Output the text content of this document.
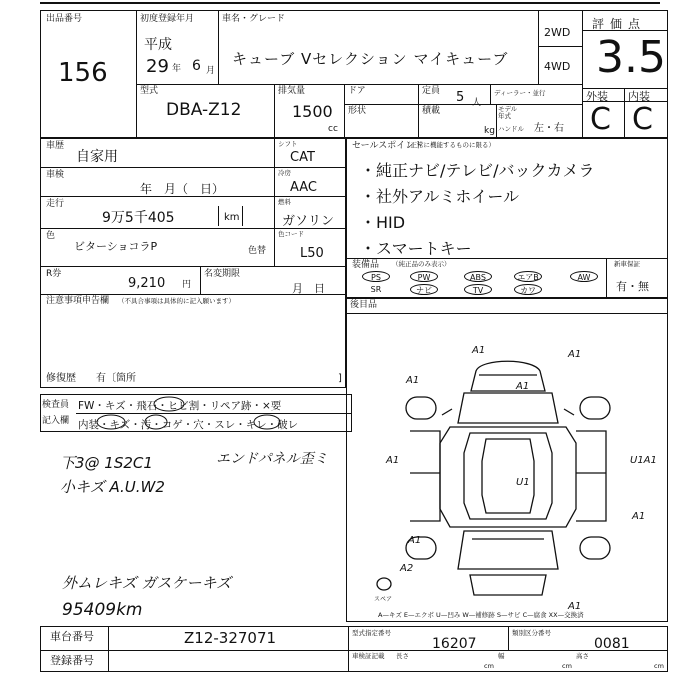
出品番号
156
初度登録年月
平成
29 年 6 月
車名・グレード
キューブ Vセレクション マイキューブ
2WD
4WD
評価点
3.5
外装 内装
C C
型式
DBA-Z12
排気量
1500
cc
ドア	定員 5 人
ディーラー・並行
形状	積載
kg
モデル年式
ハンドル 左・右
車歴
自家用
シフト
CAT
車検
年　月（　日）
冷房
AAC
走行
9万5千405	km
燃料
ガソリン
色
ビターショコラP	色替
色コード
L50
R券
9,210 円
名変期限
月　日
注意事項申告欄 （不具合事項は具体的に記入願います）
修復歴 有〔箇所	]
セールスポイント
（正常に機能するものに限る）
・純正ナビ/テレビ/バックカメラ
・社外アルミホイール
・HID
・スマートキー
装備品 （純正品のみ表示）
PS	PW	ABS	エアB	AW
SR	ナビ	TV	カワ
新車保証
有・無
後目品
A1	A1
A1
A1
U1
A1	U1A1
A1
A1
A2
A1
スペア
A—キズ E—エクボ U—凹み W—補修跡 S—サビ C—腐食 XX—交換済
検査員
記入欄
FW・キズ・飛石・ヒビ割・リペア跡・×要
内装・キズ・汚・コゲ・穴・スレ・キレ・破レ
下3@ 1S2C1
小キズ A.U.W2
エンドパネル歪ミ
外ムレキズ ガスケーキズ
95409km
車台番号	Z12-327071
登録番号
型式指定番号
16207
類別区分番号
0081
車検証記載 長さ
cm
幅
cm
高さ
cm
